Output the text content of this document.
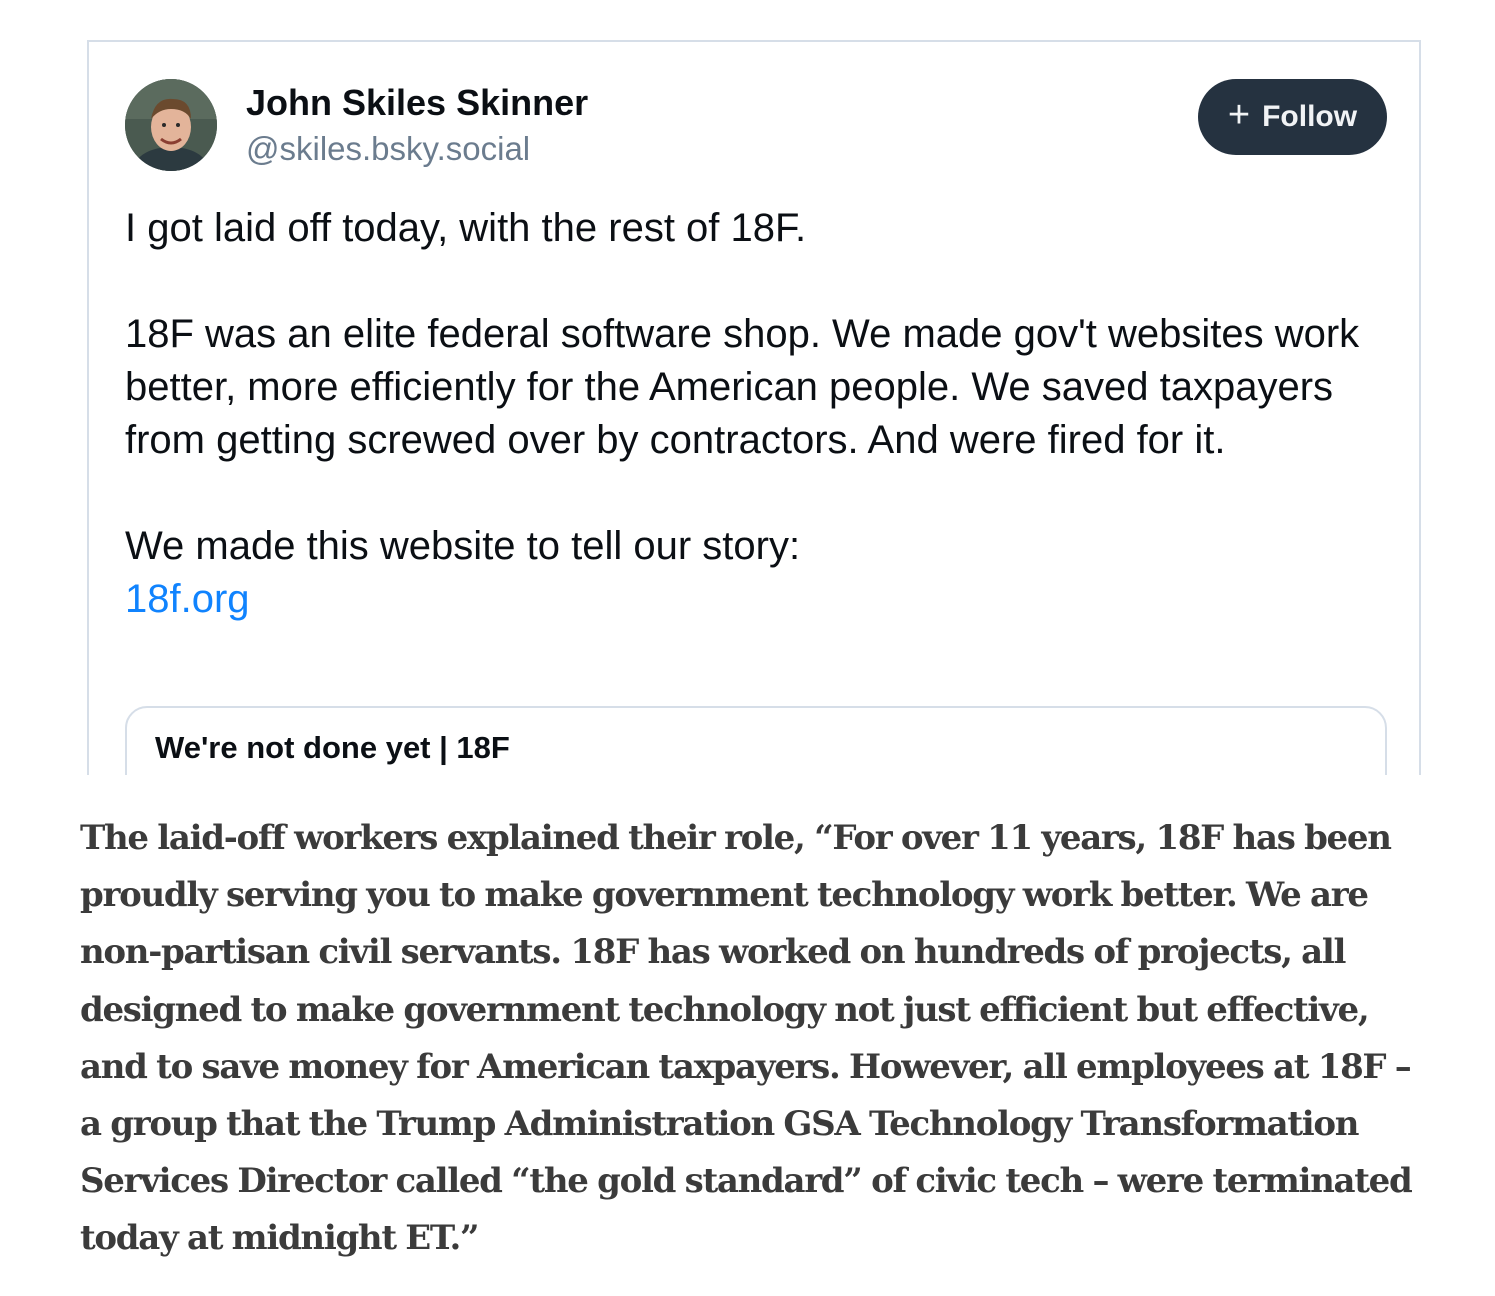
John Skiles Skinner
@skiles.bsky.social
+ Follow

I got laid off today, with the rest of 18F.

18F was an elite federal software shop. We made gov't websites work better, more efficiently for the American people. We saved taxpayers from getting screwed over by contractors. And were fired for it.

We made this website to tell our story:

18f.org

We're not done yet | 18F

The laid-off workers explained their role, “For over 11 years, 18F has been proudly serving you to make government technology work better. We are non-partisan civil servants. 18F has worked on hundreds of projects, all designed to make government technology not just efficient but effective, and to save money for American taxpayers. However, all employees at 18F – a group that the Trump Administration GSA Technology Transformation Services Director called “the gold standard” of civic tech – were terminated today at midnight ET.”
